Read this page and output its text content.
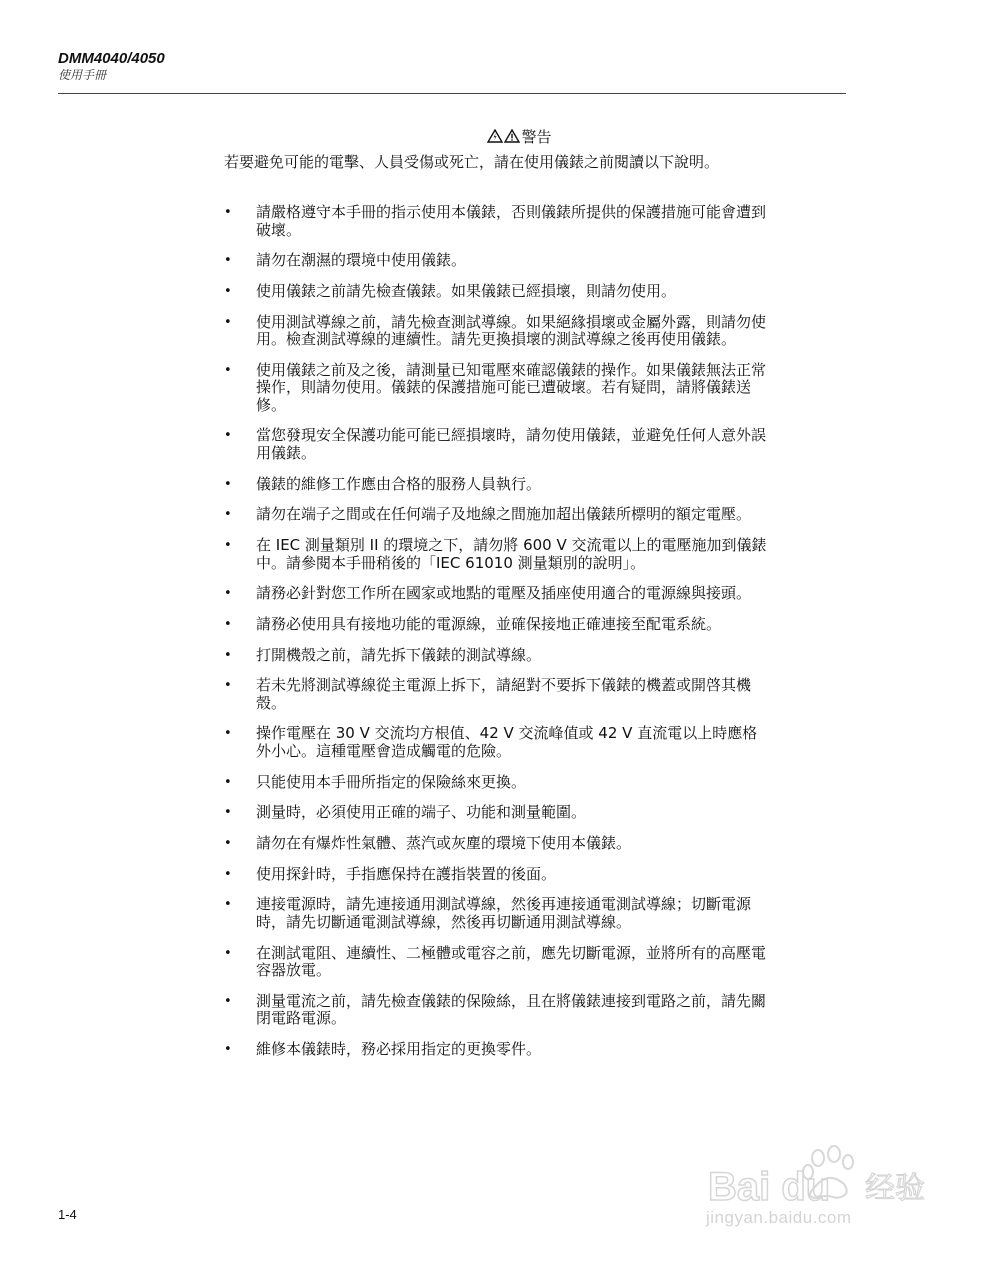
DMM4040/4050
使用手冊
警告
若要避免可能的電擊、人員受傷或死亡，請在使用儀錶之前閱讀以下說明。
• 請嚴格遵守本手冊的指示使用本儀錶，否則儀錶所提供的保護措施可能會遭到破壞。
• 請勿在潮濕的環境中使用儀錶。
• 使用儀錶之前請先檢查儀錶。如果儀錶已經損壞，則請勿使用。
• 使用測試導線之前，請先檢查測試導線。如果絕緣損壞或金屬外露，則請勿使用。檢查測試導線的連續性。請先更換損壞的測試導線之後再使用儀錶。
• 使用儀錶之前及之後，請測量已知電壓來確認儀錶的操作。如果儀錶無法正常操作，則請勿使用。儀錶的保護措施可能已遭破壞。若有疑問，請將儀錶送修。
• 當您發現安全保護功能可能已經損壞時，請勿使用儀錶，並避免任何人意外誤用儀錶。
• 儀錶的維修工作應由合格的服務人員執行。
• 請勿在端子之間或在任何端子及地線之間施加超出儀錶所標明的額定電壓。
• 在 IEC 測量類別 II 的環境之下，請勿將 600 V 交流電以上的電壓施加到儀錶中。請參閱本手冊稍後的「IEC 61010 測量類別的說明」。
• 請務必針對您工作所在國家或地點的電壓及插座使用適合的電源線與接頭。
• 請務必使用具有接地功能的電源線，並確保接地正確連接至配電系統。
• 打開機殼之前，請先拆下儀錶的測試導線。
• 若未先將測試導線從主電源上拆下，請絕對不要拆下儀錶的機蓋或開啓其機殼。
• 操作電壓在 30 V 交流均方根值、42 V 交流峰值或 42 V 直流電以上時應格外小心。這種電壓會造成觸電的危險。
• 只能使用本手冊所指定的保險絲來更換。
• 測量時，必須使用正確的端子、功能和測量範圍。
• 請勿在有爆炸性氣體、蒸汽或灰塵的環境下使用本儀錶。
• 使用探針時，手指應保持在護指裝置的後面。
• 連接電源時，請先連接通用測試導線，然後再連接通電測試導線；切斷電源時，請先切斷通電測試導線，然後再切斷通用測試導線。
• 在測試電阻、連續性、二極體或電容之前，應先切斷電源，並將所有的高壓電容器放電。
• 測量電流之前，請先檢查儀錶的保險絲，且在將儀錶連接到電路之前，請先關閉電路電源。
• 維修本儀錶時，務必採用指定的更換零件。
1-4
Bai du 经验
jingyan.baidu.com
